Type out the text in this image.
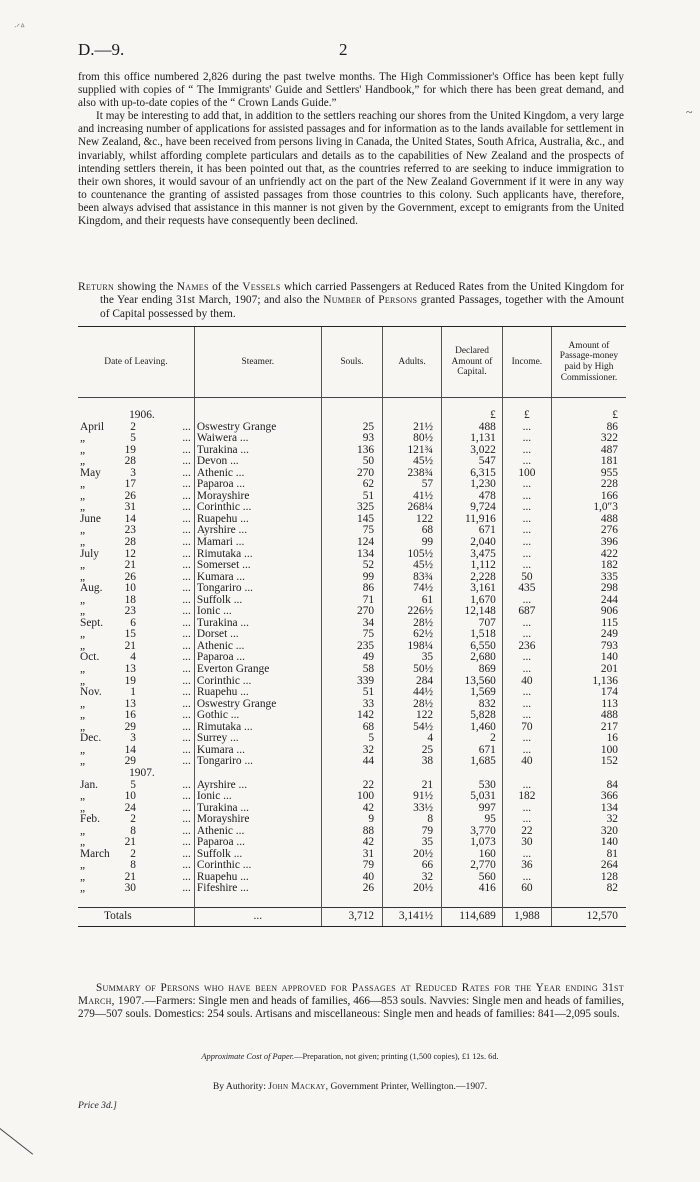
ᐧᐟᐞ
~
D.—9.	2

from this office numbered 2,826 during the past twelve months. The High Commissioner's Office has been kept fully supplied with copies of “ The Immigrants' Guide and Settlers' Handbook,” for which there has been great demand, and also with up-to-date copies of the “ Crown Lands Guide.”

It may be interesting to add that, in addition to the settlers reaching our shores from the United Kingdom, a very large and increasing number of applications for assisted passages and for information as to the lands available for settlement in New Zealand, &c., have been received from persons living in Canada, the United States, South Africa, Australia, &c., and invariably, whilst affording complete particulars and details as to the capabilities of New Zealand and the prospects of intending settlers therein, it has been pointed out that, as the countries referred to are seeking to induce immigration to their own shores, it would savour of an unfriendly act on the part of the New Zealand Government if it were in any way to countenance the granting of assisted passages from those countries to this colony. Such applicants have, therefore, been always advised that assistance in this manner is not given by the Government, except to emigrants from the United Kingdom, and their requests have consequently been declined.

Return showing the Names of the Vessels which carried Passengers at Reduced Rates from the United Kingdom for the Year ending 31st March, 1907; and also the Number of Persons granted Passages, together with the Amount of Capital possessed by them.
Date of Leaving.	Steamer.	Souls.	Adults.	Declared Amount of Capital.	Income.	Amount of Passage-money paid by High Commissioner.

1906.				£	£	£
April 2 ...	Oswestry Grange	25	21½	488	...	86
„ 5 ...	Waiwera ...	93	80½	1,131	...	322
„ 19 ...	Turakina ...	136	121¾	3,022	...	487
„ 28 ...	Devon ...	50	45½	547	...	181
May 3 ...	Athenic ...	270	238¾	6,315	100	955
„ 17 ...	Paparoa ...	62	57	1,230	...	228
„ 26 ...	Morayshire	51	41½	478	...	166
„ 31 ...	Corinthic ...	325	268¼	9,724	...	1,0″3
June 14 ...	Ruapehu ...	145	122	11,916	...	488
„ 23 ...	Ayrshire ...	75	68	671	...	276
„ 28 ...	Mamari ...	124	99	2,040	...	396
July 12 ...	Rimutaka ...	134	105½	3,475	...	422
„ 21 ...	Somerset ...	52	45½	1,112	...	182
„ 26 ...	Kumara ...	99	83¾	2,228	50	335
Aug. 10 ...	Tongariro ...	86	74½	3,161	435	298
„ 18 ...	Suffolk ...	71	61	1,670	...	244
„ 23 ...	Ionic ...	270	226½	12,148	687	906
Sept. 6 ...	Turakina ...	34	28½	707	...	115
„ 15 ...	Dorset ...	75	62½	1,518	...	249
„ 21 ...	Athenic ...	235	198¼	6,550	236	793
Oct. 4 ...	Paparoa ...	49	35	2,680	...	140
„ 13 ...	Everton Grange	58	50½	869	...	201
„ 19 ...	Corinthic ...	339	284	13,560	40	1,136
Nov. 1 ...	Ruapehu ...	51	44½	1,569	...	174
„ 13 ...	Oswestry Grange	33	28½	832	...	113
„ 16 ...	Gothic ...	142	122	5,828	...	488
„ 29 ...	Rimutaka ...	68	54½	1,460	70	217
Dec. 3 ...	Surrey ...	5	4	2	...	16
„ 14 ...	Kumara ...	32	25	671	...	100
„ 29 ...	Tongariro ...	44	38	1,685	40	152
1907.						
Jan. 5 ...	Ayrshire ...	22	21	530	...	84
„ 10 ...	Ionic ...	100	91½	5,031	182	366
„ 24 ...	Turakina ...	42	33½	997	...	134
Feb. 2 ...	Morayshire	9	8	95	...	32
„ 8 ...	Athenic ...	88	79	3,770	22	320
„ 21 ...	Paparoa ...	42	35	1,073	30	140
March 2 ...	Suffolk ...	31	20½	160	...	81
„ 8 ...	Corinthic ...	79	66	2,770	36	264
„ 21 ...	Ruapehu ...	40	32	560	...	128
„ 30 ...	Fifeshire ...	26	20½	416	60	82

Totals	...	3,712	3,141½	114,689	1,988	12,570
Summary of Persons who have been approved for Passages at Reduced Rates for the Year ending 31st March, 1907.—Farmers: Single men and heads of families, 466—853 souls. Navvies: Single men and heads of families, 279—507 souls. Domestics: 254 souls. Artisans and miscellaneous: Single men and heads of families: 841—2,095 souls.
Approximate Cost of Paper.—Preparation, not given; printing (1,500 copies), £1 12s. 6d.
By Authority: John Mackay, Government Printer, Wellington.—1907.
Price 3d.]
